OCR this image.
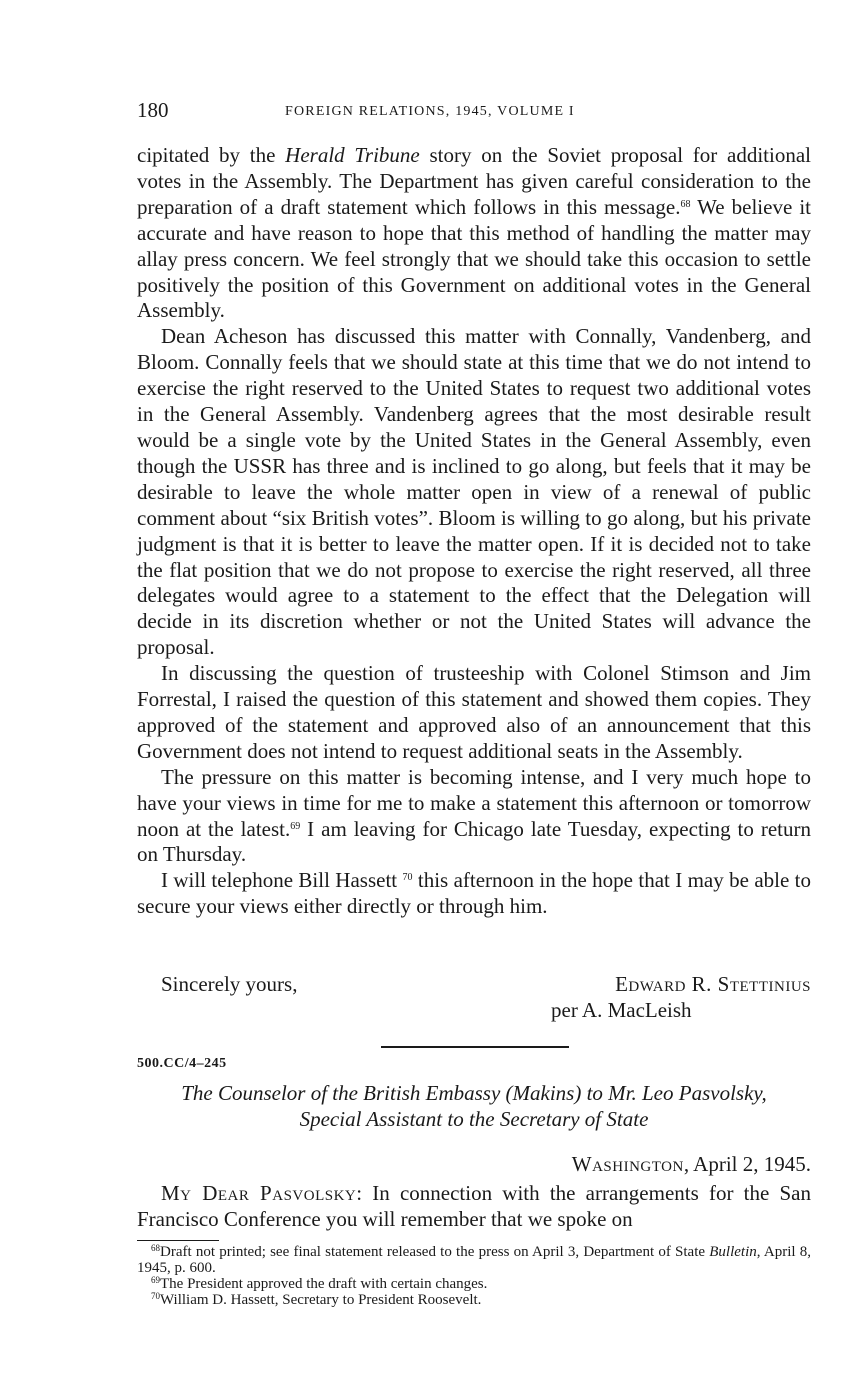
180	FOREIGN RELATIONS, 1945, VOLUME I

cipitated by the Herald Tribune story on the Soviet proposal for additional votes in the Assembly. The Department has given careful consideration to the preparation of a draft statement which follows in this message.$^{68}$ We believe it accurate and have reason to hope that this method of handling the matter may allay press concern. We feel strongly that we should take this occasion to settle positively the position of this Government on additional votes in the General Assembly.

Dean Acheson has discussed this matter with Connally, Vandenberg, and Bloom. Connally feels that we should state at this time that we do not intend to exercise the right reserved to the United States to request two additional votes in the General Assembly. Vandenberg agrees that the most desirable result would be a single vote by the United States in the General Assembly, even though the USSR has three and is inclined to go along, but feels that it may be desirable to leave the whole matter open in view of a renewal of public comment about “six British votes”. Bloom is willing to go along, but his private judgment is that it is better to leave the matter open. If it is decided not to take the flat position that we do not propose to exercise the right reserved, all three delegates would agree to a statement to the effect that the Delegation will decide in its discretion whether or not the United States will advance the proposal.

In discussing the question of trusteeship with Colonel Stimson and Jim Forrestal, I raised the question of this statement and showed them copies. They approved of the statement and approved also of an announcement that this Government does not intend to request additional seats in the Assembly.

The pressure on this matter is becoming intense, and I very much hope to have your views in time for me to make a statement this afternoon or tomorrow noon at the latest.$^{69}$ I am leaving for Chicago late Tuesday, expecting to return on Thursday.

I will telephone Bill Hassett $^{70}$ this afternoon in the hope that I may be able to secure your views either directly or through him.

Sincerely yours,	Edward R. Stettinius
per A. MacLeish
500.CC/4–245
The Counselor of the British Embassy (Makins) to Mr. Leo Pasvolsky,
Special Assistant to the Secretary of State
Washington, April 2, 1945.
My Dear Pasvolsky: In connection with the arrangements for the San Francisco Conference you will remember that we spoke on

$^{68}$Draft not printed; see final statement released to the press on April 3, Department of State Bulletin, April 8, 1945, p. 600.

$^{69}$The President approved the draft with certain changes.

$^{70}$William D. Hassett, Secretary to President Roosevelt.
